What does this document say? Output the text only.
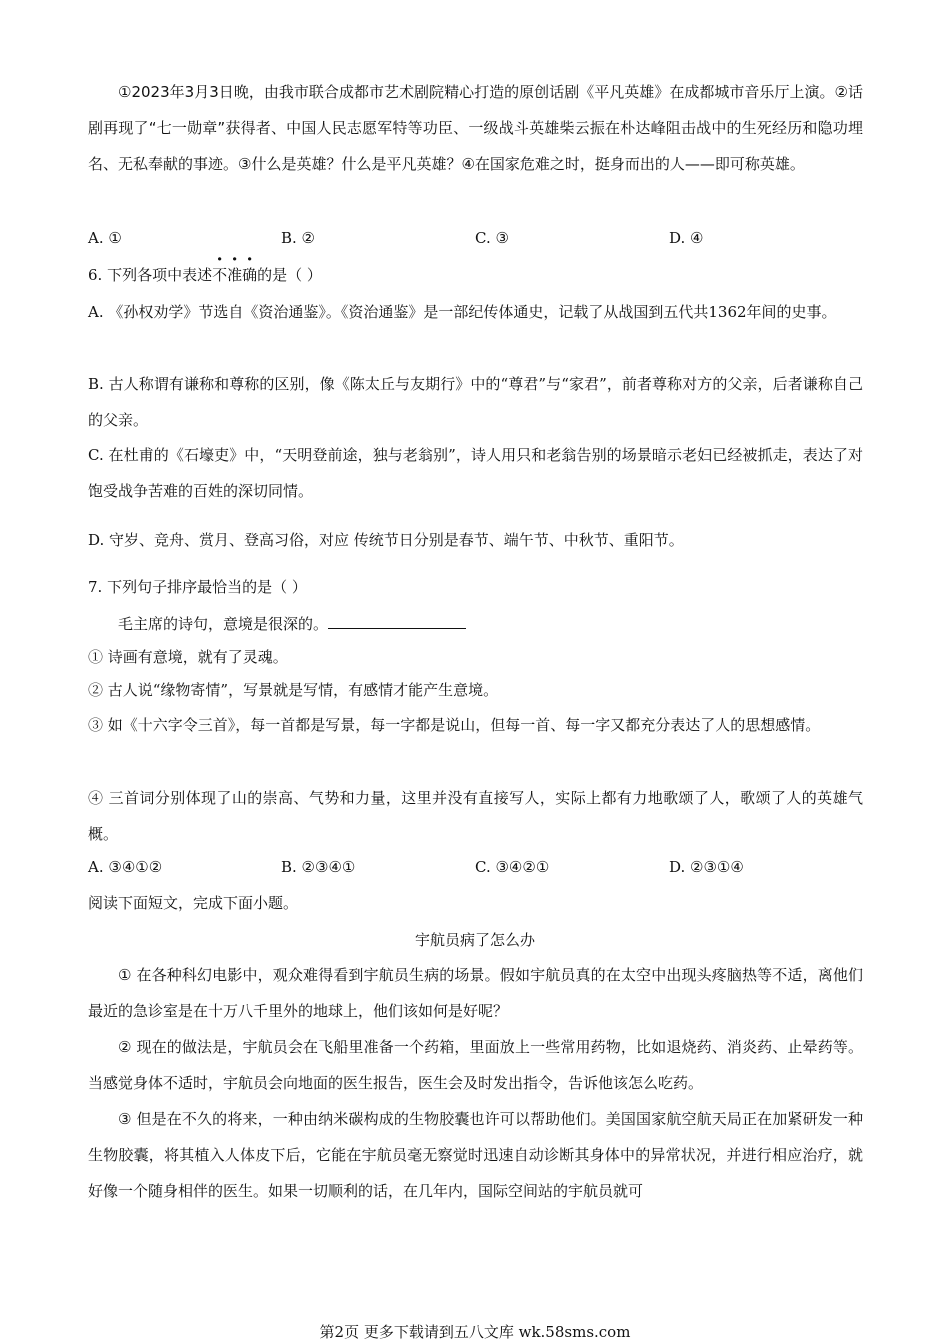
①2023年3月3日晚，由我市联合成都市艺术剧院精心打造的原创话剧《平凡英雄》在成都城市音乐厅上演。②话剧再现了“七一勋章”获得者、中国人民志愿军特等功臣、一级战斗英雄柴云振在朴达峰阻击战中的生死经历和隐功埋名、无私奉献的事迹。③什么是英雄？什么是平凡英雄？④在国家危难之时，挺身而出的人——即可称英雄。

A. ①	B. ②	C. ③	D. ④

6. 下列各项中表述不准确的是（ ）

A. 《孙权劝学》节选自《资治通鉴》。《资治通鉴》是一部纪传体通史，记载了从战国到五代共1362年间的史事。

B. 古人称谓有谦称和尊称的区别，像《陈太丘与友期行》中的“尊君”与“家君”，前者尊称对方的父亲，后者谦称自己的父亲。

C. 在杜甫的《石壕吏》中，“天明登前途，独与老翁别”，诗人用只和老翁告别的场景暗示老妇已经被抓走，表达了对饱受战争苦难的百姓的深切同情。

D. 守岁、竞舟、赏月、登高习俗，对应 传统节日分别是春节、端午节、中秋节、重阳节。

7. 下列句子排序最恰当的是（ ）

毛主席的诗句，意境是很深的。

① 诗画有意境，就有了灵魂。

② 古人说“缘物寄情”，写景就是写情，有感情才能产生意境。

③ 如《十六字令三首》，每一首都是写景，每一字都是说山，但每一首、每一字又都充分表达了人的思想感情。

④ 三首词分别体现了山的崇高、气势和力量，这里并没有直接写人，实际上都有力地歌颂了人，歌颂了人的英雄气概。

A. ③④①②	B. ②③④①	C. ③④②①	D. ②③①④

阅读下面短文，完成下面小题。

宇航员病了怎么办

① 在各种科幻电影中，观众难得看到宇航员生病的场景。假如宇航员真的在太空中出现头疼脑热等不适，离他们最近的急诊室是在十万八千里外的地球上，他们该如何是好呢？

② 现在的做法是，宇航员会在飞船里准备一个药箱，里面放上一些常用药物，比如退烧药、消炎药、止晕药等。当感觉身体不适时，宇航员会向地面的医生报告，医生会及时发出指令，告诉他该怎么吃药。

③ 但是在不久的将来，一种由纳米碳构成的生物胶囊也许可以帮助他们。美国国家航空航天局正在加紧研发一种生物胶囊，将其植入人体皮下后，它能在宇航员毫无察觉时迅速自动诊断其身体中的异常状况，并进行相应治疗，就好像一个随身相伴的医生。如果一切顺利的话，在几年内，国际空间站的宇航员就可

第2页 更多下载请到五八文库 wk.58sms.com
